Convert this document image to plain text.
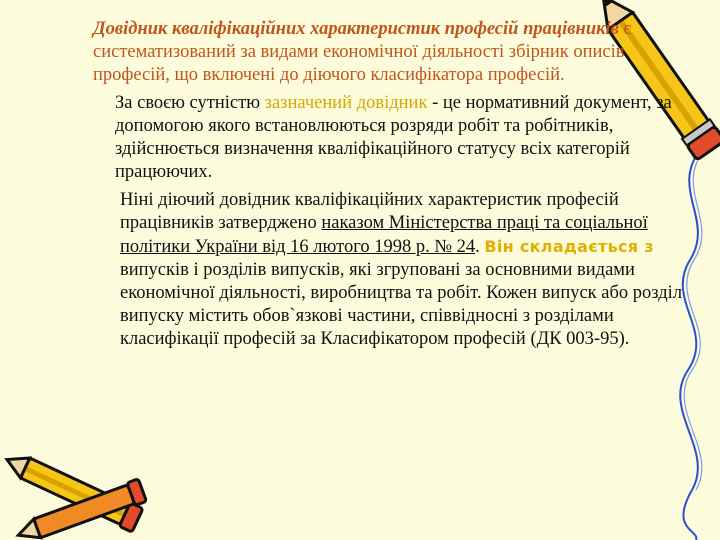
Довідник кваліфікаційних характеристик професій працівників є систематизований за видами економічної діяльності збірник описів професій, що включені до діючого класифікатора професій.

За своєю сутністю зазначений довідник - це нормативний документ, за допомогою якого встановлюються розряди робіт та робітників, здійснюється визначення кваліфікаційного статусу всіх категорій працюючих.

Ніні діючий довідник кваліфікаційних характеристик професій працівників затверджено наказом Міністерства праці та соціальної політики України від 16 лютого 1998 р. № 24. Він складається з випусків і розділів випусків, які згруповані за основними видами економічної діяльності, виробництва та робіт. Кожен випуск або розділ випуску містить обов`язкові частини, співвідносні з розділами класифікації професій за Класифікатором професій (ДК 003-95).
